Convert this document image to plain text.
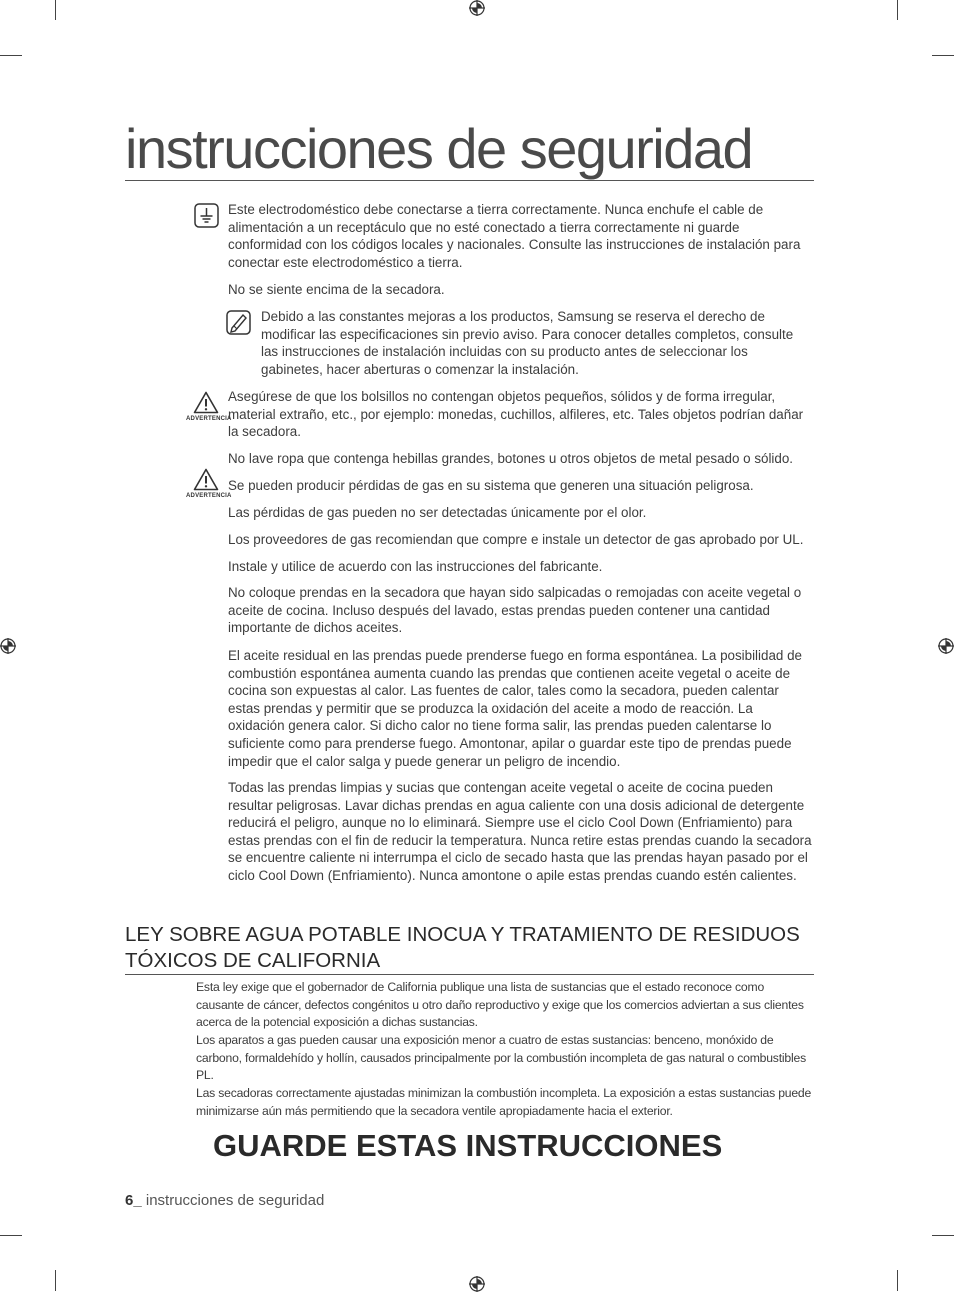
instrucciones de seguridad
Este electrodoméstico debe conectarse a tierra correctamente. Nunca enchufe el cable de alimentación a un receptáculo que no esté conectado a tierra correctamente ni guarde conformidad con los códigos locales y nacionales. Consulte las instrucciones de instalación para conectar este electrodoméstico a tierra.
No se siente encima de la secadora.
Debido a las constantes mejoras a los productos, Samsung se reserva el derecho de modificar las especificaciones sin previo aviso. Para conocer detalles completos, consulte las instrucciones de instalación incluidas con su producto antes de seleccionar los gabinetes, hacer aberturas o comenzar la instalación.
ADVERTENCIA
Asegúrese de que los bolsillos no contengan objetos pequeños, sólidos y de forma irregular, material extraño, etc., por ejemplo: monedas, cuchillos, alfileres, etc. Tales objetos podrían dañar la secadora.
No lave ropa que contenga hebillas grandes, botones u otros objetos de metal pesado o sólido.
ADVERTENCIA
Se pueden producir pérdidas de gas en su sistema que generen una situación peligrosa.
Las pérdidas de gas pueden no ser detectadas únicamente por el olor.
Los proveedores de gas recomiendan que compre e instale un detector de gas aprobado por UL.
Instale y utilice de acuerdo con las instrucciones del fabricante.
No coloque prendas en la secadora que hayan sido salpicadas o remojadas con aceite vegetal o aceite de cocina. Incluso después del lavado, estas prendas pueden contener una cantidad importante de dichos aceites.
El aceite residual en las prendas puede prenderse fuego en forma espontánea. La posibilidad de combustión espontánea aumenta cuando las prendas que contienen aceite vegetal o aceite de cocina son expuestas al calor. Las fuentes de calor, tales como la secadora, pueden calentar estas prendas y permitir que se produzca la oxidación del aceite a modo de reacción. La oxidación genera calor. Si dicho calor no tiene forma salir, las prendas pueden calentarse lo suficiente como para prenderse fuego. Amontonar, apilar o guardar este tipo de prendas puede impedir que el calor salga y puede generar un peligro de incendio.
Todas las prendas limpias y sucias que contengan aceite vegetal o aceite de cocina pueden resultar peligrosas. Lavar dichas prendas en agua caliente con una dosis adicional de detergente reducirá el peligro, aunque no lo eliminará. Siempre use el ciclo Cool Down (Enfriamiento) para estas prendas con el fin de reducir la temperatura. Nunca retire estas prendas cuando la secadora se encuentre caliente ni interrumpa el ciclo de secado hasta que las prendas hayan pasado por el ciclo Cool Down (Enfriamiento). Nunca amontone o apile estas prendas cuando estén calientes.
LEY SOBRE AGUA POTABLE INOCUA Y TRATAMIENTO DE RESIDUOS
TÓXICOS DE CALIFORNIA
Esta ley exige que el gobernador de California publique una lista de sustancias que el estado reconoce como causante de cáncer, defectos congénitos u otro daño reproductivo y exige que los comercios adviertan a sus clientes acerca de la potencial exposición a dichas sustancias.
Los aparatos a gas pueden causar una exposición menor a cuatro de estas sustancias: benceno, monóxido de carbono, formaldehído y hollín, causados principalmente por la combustión incompleta de gas natural o combustibles PL.
Las secadoras correctamente ajustadas minimizan la combustión incompleta. La exposición a estas sustancias puede minimizarse aún más permitiendo que la secadora ventile apropiadamente hacia el exterior.
GUARDE ESTAS INSTRUCCIONES
6_ instrucciones de seguridad
